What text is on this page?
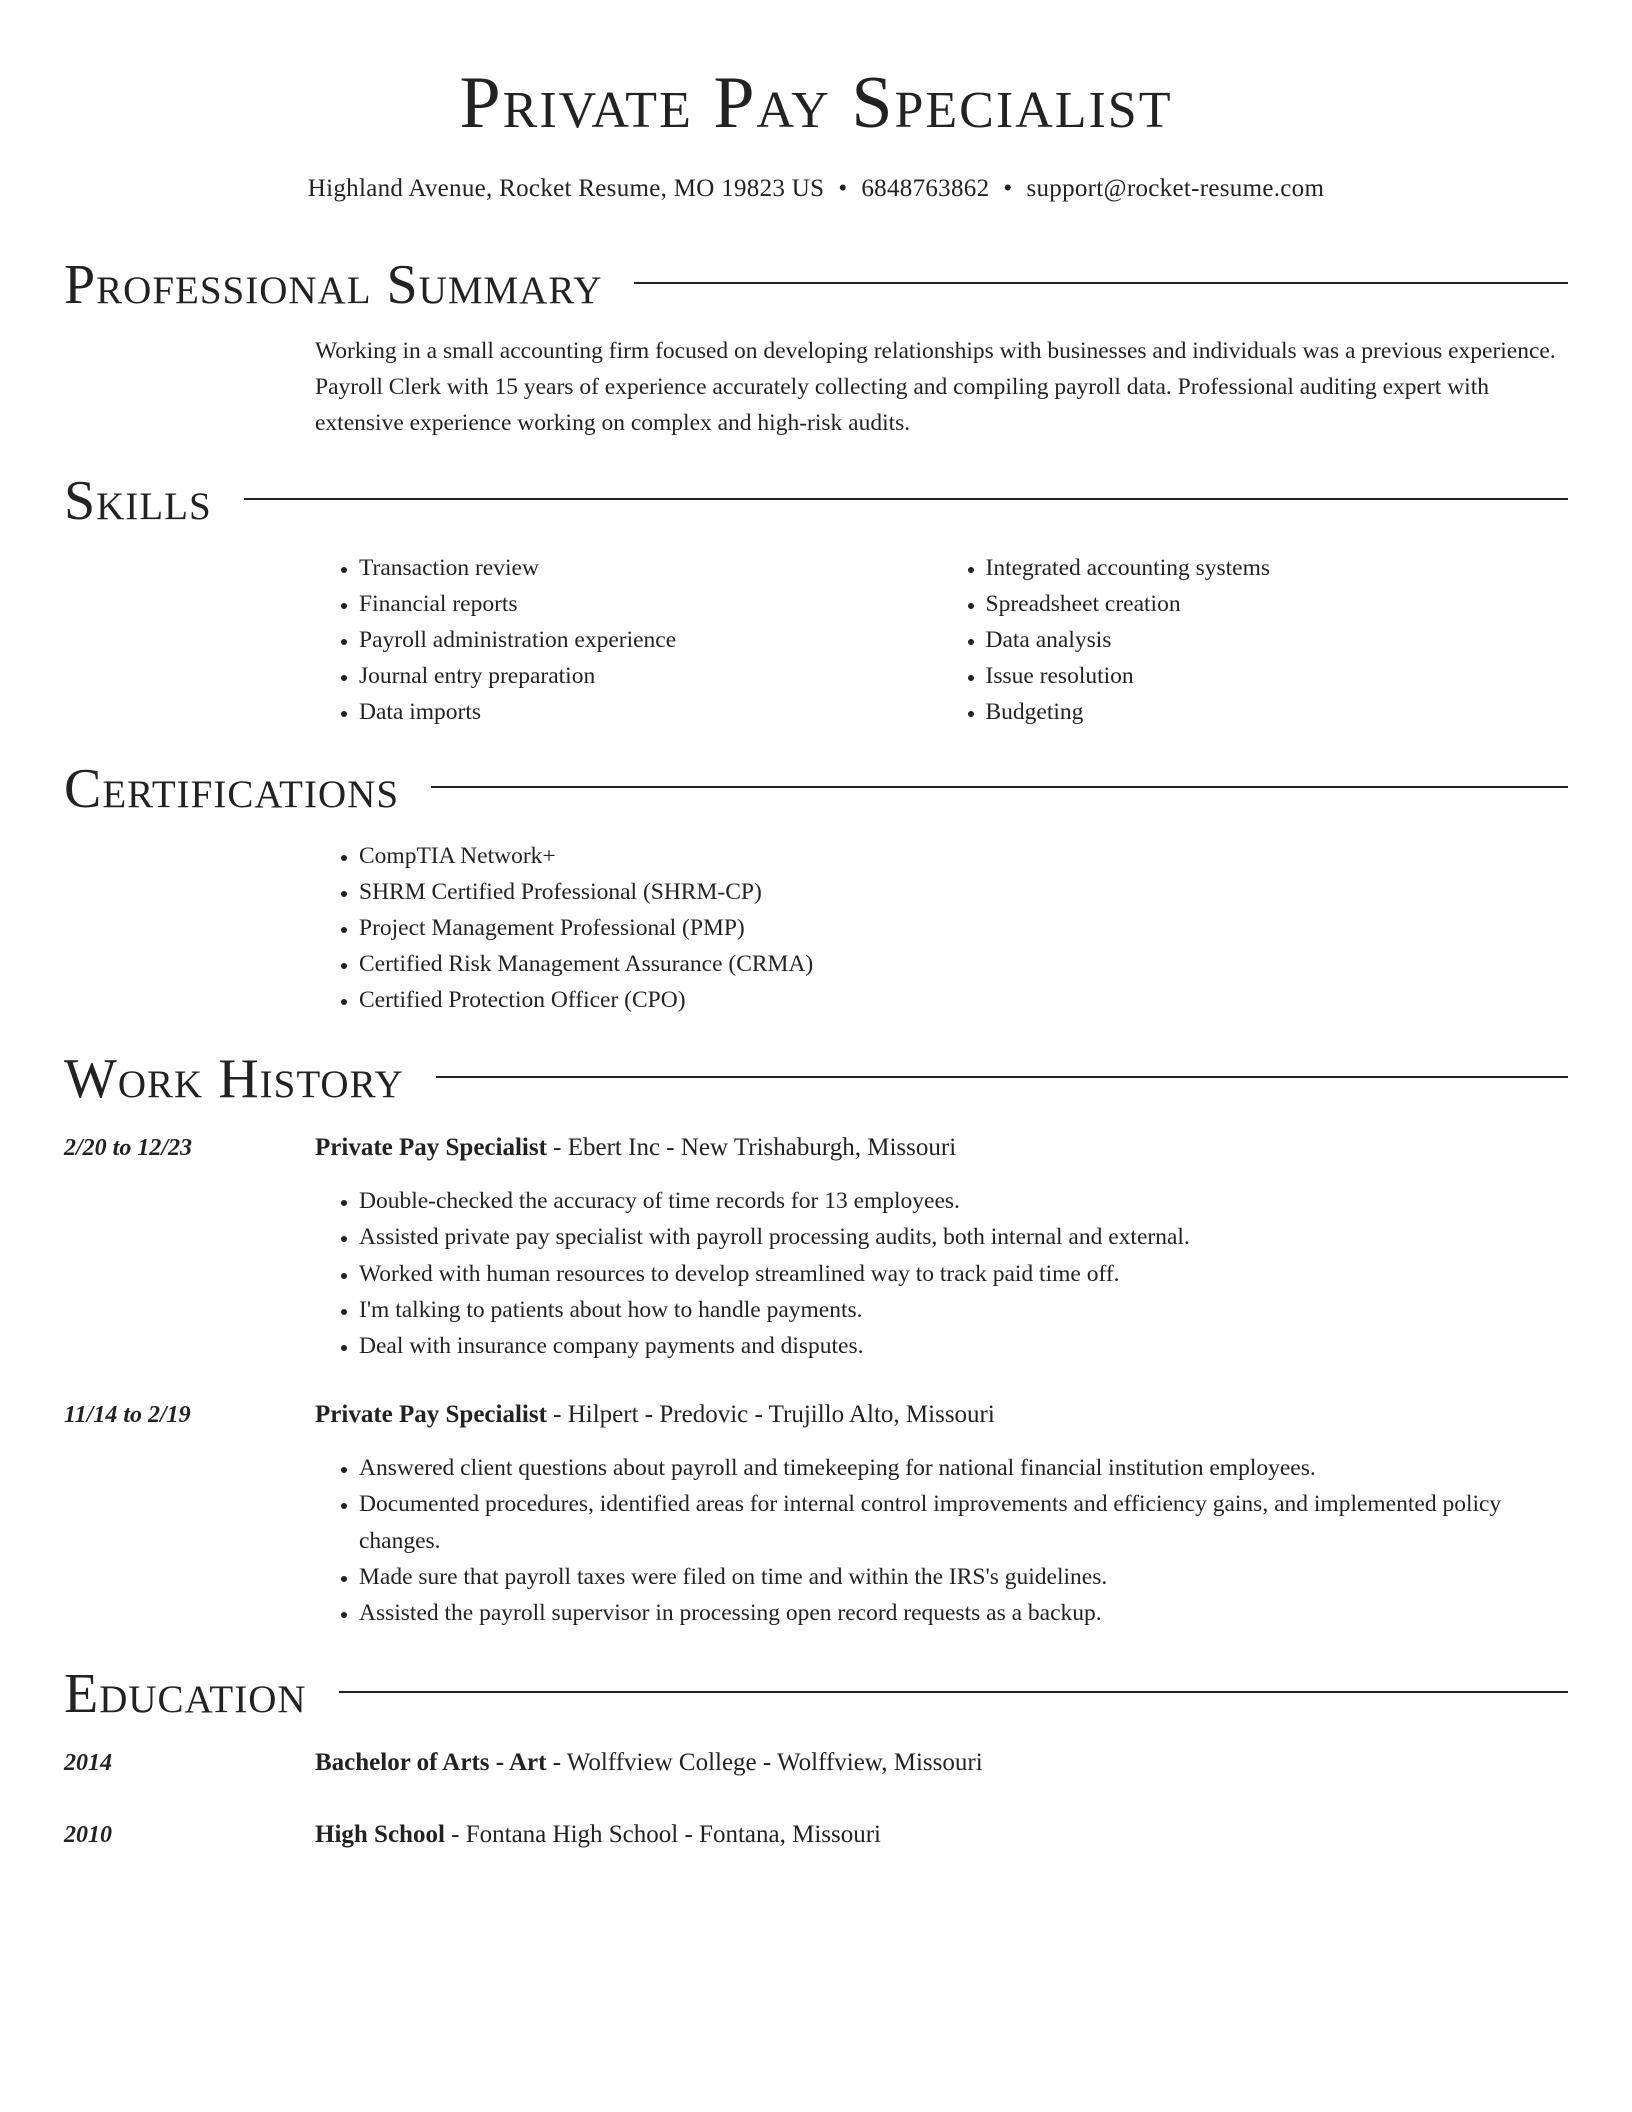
Private Pay Specialist
Highland Avenue, Rocket Resume, MO 19823 US • 6848763862 • support@rocket-resume.com
Professional Summary

Working in a small accounting firm focused on developing relationships with businesses and individuals was a previous experience. Payroll Clerk with 15 years of experience accurately collecting and compiling payroll data. Professional auditing expert with extensive experience working on complex and high-risk audits.

Skills
• Transaction review
• Financial reports
• Payroll administration experience
• Journal entry preparation
• Data imports
• Integrated accounting systems
• Spreadsheet creation
• Data analysis
• Issue resolution
• Budgeting
Certifications
• CompTIA Network+
• SHRM Certified Professional (SHRM-CP)
• Project Management Professional (PMP)
• Certified Risk Management Assurance (CRMA)
• Certified Protection Officer (CPO)
Work History
2/20 to 12/23	Private Pay Specialist - Ebert Inc - New Trishaburgh, Missouri
• Double-checked the accuracy of time records for 13 employees.
• Assisted private pay specialist with payroll processing audits, both internal and external.
• Worked with human resources to develop streamlined way to track paid time off.
• I'm talking to patients about how to handle payments.
• Deal with insurance company payments and disputes.
11/14 to 2/19	Private Pay Specialist - Hilpert - Predovic - Trujillo Alto, Missouri
• Answered client questions about payroll and timekeeping for national financial institution employees.
• Documented procedures, identified areas for internal control improvements and efficiency gains, and implemented policy changes.
• Made sure that payroll taxes were filed on time and within the IRS's guidelines.
• Assisted the payroll supervisor in processing open record requests as a backup.
Education
2014	Bachelor of Arts - Art - Wolffview College - Wolffview, Missouri
2010	High School - Fontana High School - Fontana, Missouri
